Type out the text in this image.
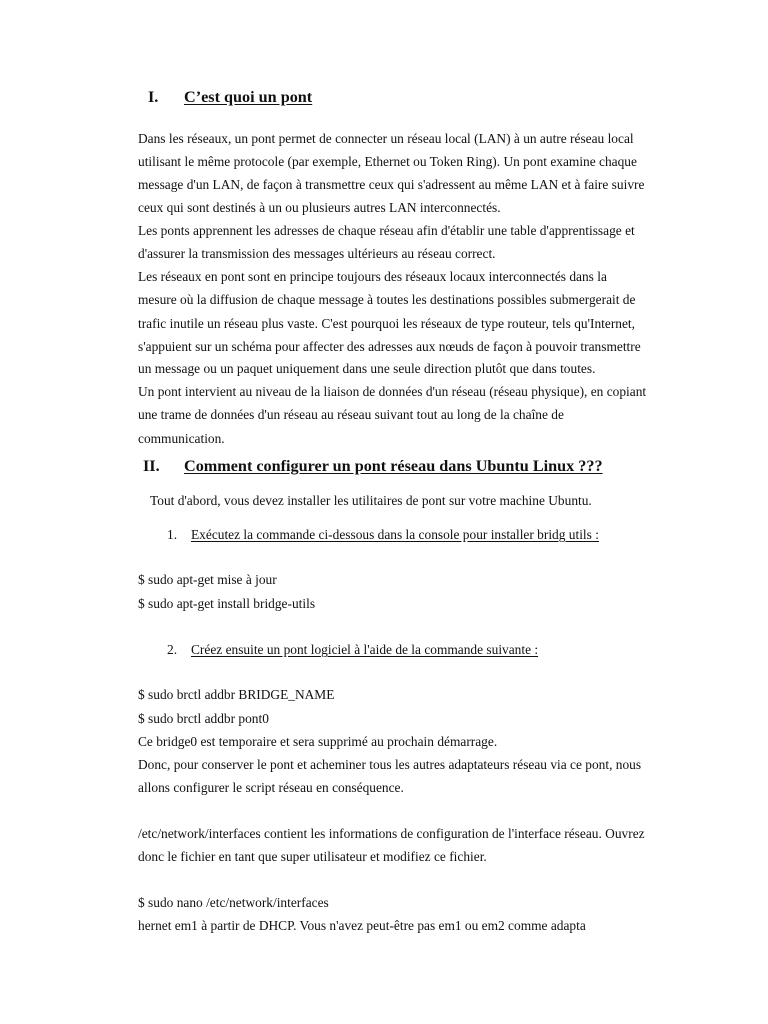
I. C’est quoi un pont
Dans les réseaux, un pont permet de connecter un réseau local (LAN) à un autre réseau local
utilisant le même protocole (par exemple, Ethernet ou Token Ring). Un pont examine chaque
message d'un LAN, de façon à transmettre ceux qui s'adressent au même LAN et à faire suivre
ceux qui sont destinés à un ou plusieurs autres LAN interconnectés.
Les ponts apprennent les adresses de chaque réseau afin d'établir une table d'apprentissage et
d'assurer la transmission des messages ultérieurs au réseau correct.
Les réseaux en pont sont en principe toujours des réseaux locaux interconnectés dans la
mesure où la diffusion de chaque message à toutes les destinations possibles submergerait de
trafic inutile un réseau plus vaste. C'est pourquoi les réseaux de type routeur, tels qu'Internet,
s'appuient sur un schéma pour affecter des adresses aux nœuds de façon à pouvoir transmettre
un message ou un paquet uniquement dans une seule direction plutôt que dans toutes.
Un pont intervient au niveau de la liaison de données d'un réseau (réseau physique), en copiant
une trame de données d'un réseau au réseau suivant tout au long de la chaîne de
communication.
II. Comment configurer un pont réseau dans Ubuntu Linux ???
Tout d'abord, vous devez installer les utilitaires de pont sur votre machine Ubuntu.
1. Exécutez la commande ci-dessous dans la console pour installer bridg utils :
$ sudo apt-get mise à jour
$ sudo apt-get install bridge-utils
2. Créez ensuite un pont logiciel à l'aide de la commande suivante :
$ sudo brctl addbr BRIDGE_NAME
$ sudo brctl addbr pont0
Ce bridge0 est temporaire et sera supprimé au prochain démarrage.
Donc, pour conserver le pont et acheminer tous les autres adaptateurs réseau via ce pont, nous
allons configurer le script réseau en conséquence.
/etc/network/interfaces contient les informations de configuration de l'interface réseau. Ouvrez
donc le fichier en tant que super utilisateur et modifiez ce fichier.
$ sudo nano /etc/network/interfaces
hernet em1 à partir de DHCP. Vous n'avez peut-être pas em1 ou em2 comme adapta
